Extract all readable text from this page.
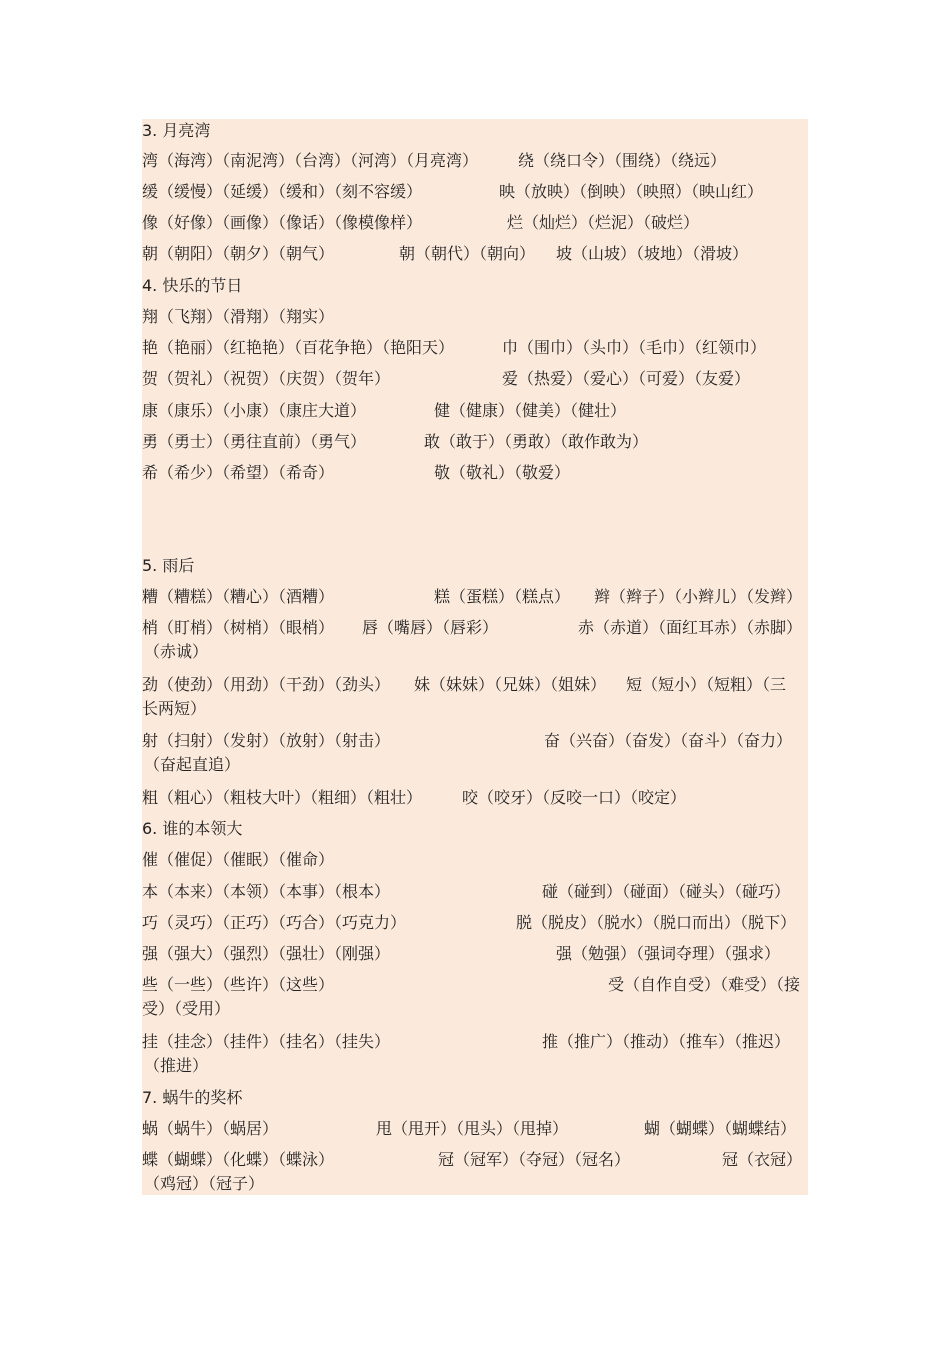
3. 月亮湾
湾（海湾）（南泥湾）（台湾）（河湾）（月亮湾） 绕（绕口令）（围绕）（绕远）
缓（缓慢）（延缓）（缓和）（刻不容缓）	映（放映）（倒映）（映照）（映山红）
像（好像）（画像）（像话）（像模像样）	烂（灿烂）（烂泥）（破烂）
朝（朝阳）（朝夕）（朝气）	朝（朝代）（朝向） 坡（山坡）（坡地）（滑坡）
4. 快乐的节日
翔（飞翔）（滑翔）（翔实）
艳（艳丽）（红艳艳）（百花争艳）（艳阳天）	巾（围巾）（头巾）（毛巾）（红领巾）
贺（贺礼）（祝贺）（庆贺）（贺年）	爱（热爱）（爱心）（可爱）（友爱）
康（康乐）（小康）（康庄大道）	健（健康）（健美）（健壮）
勇（勇士）（勇往直前）（勇气）	敢（敢于）（勇敢）（敢作敢为）
希（希少）（希望）（希奇）	敬（敬礼）（敬爱）
5. 雨后
糟（糟糕）（糟心）（酒糟）	糕（蛋糕）（糕点） 辫（辫子）（小辫儿）（发辫）
梢（盯梢）（树梢）（眼梢） 唇（嘴唇）（唇彩）	赤（赤道）（面红耳赤）（赤脚）
（赤诚）
劲（使劲）（用劲）（干劲）（劲头） 妹（妹妹）（兄妹）（姐妹） 短（短小）（短粗）（三
长两短）
射（扫射）（发射）（放射）（射击）	奋（兴奋）（奋发）（奋斗）（奋力）
（奋起直追）
粗（粗心）（粗枝大叶）（粗细）（粗壮） 咬（咬牙）（反咬一口）（咬定）
6. 谁的本领大
催（催促）（催眠）（催命）
本（本来）（本领）（本事）（根本）	碰（碰到）（碰面）（碰头）（碰巧）
巧（灵巧）（正巧）（巧合）（巧克力）	脱（脱皮）（脱水）（脱口而出）（脱下）
强（强大）（强烈）（强壮）（刚强）	强（勉强）（强词夺理）（强求）
些（一些）（些许）（这些）	受（自作自受）（难受）（接
受）（受用）
挂（挂念）（挂件）（挂名）（挂失）	推（推广）（推动）（推车）（推迟）
（推进）
7. 蜗牛的奖杯
蜗（蜗牛）（蜗居）	甩（甩开）（甩头）（甩掉）	蝴（蝴蝶）（蝴蝶结）
蝶（蝴蝶）（化蝶）（蝶泳）	冠（冠军）（夺冠）（冠名）	冠（衣冠）
（鸡冠）（冠子）
